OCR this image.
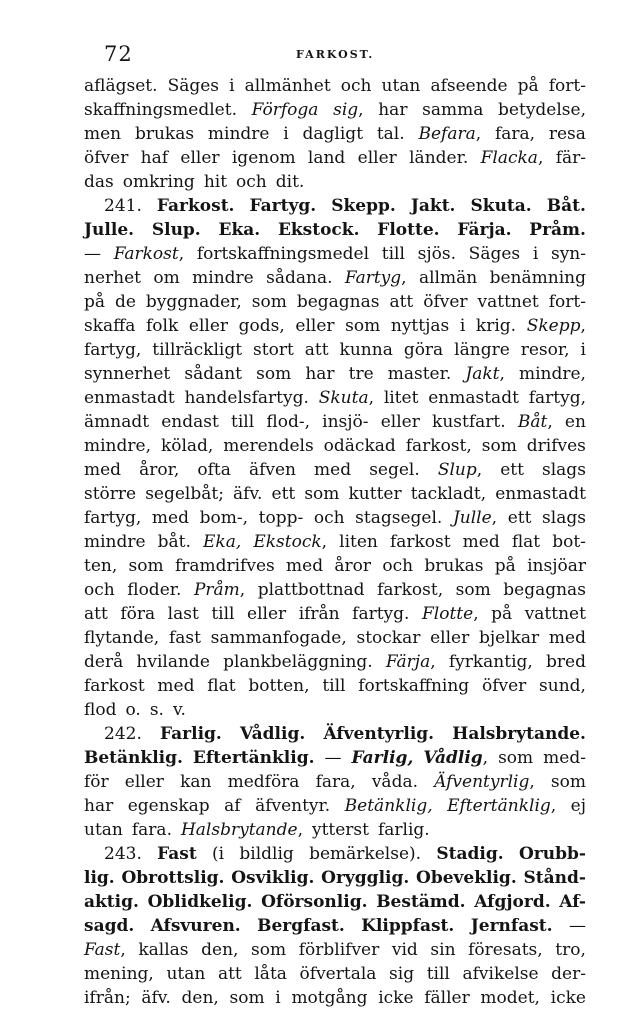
72	FARKOST.
aflägset. Säges i allmänhet och utan afseende på fort-
skaffningsmedlet. Förfoga sig, har samma betydelse,
men brukas mindre i dagligt tal. Befara, fara, resa
öfver haf eller igenom land eller länder. Flacka, fär-
das omkring hit och dit.
241. Farkost. Fartyg. Skepp. Jakt. Skuta. Båt.
Julle. Slup. Eka. Ekstock. Flotte. Färja. Pråm.
— Farkost, fortskaffningsmedel till sjös. Säges i syn-
nerhet om mindre sådana. Fartyg, allmän benämning
på de byggnader, som begagnas att öfver vattnet fort-
skaffa folk eller gods, eller som nyttjas i krig. Skepp,
fartyg, tillräckligt stort att kunna göra längre resor, i
synnerhet sådant som har tre master. Jakt, mindre,
enmastadt handelsfartyg. Skuta, litet enmastadt fartyg,
ämnadt endast till flod-, insjö- eller kustfart. Båt, en
mindre, kölad, merendels odäckad farkost, som drifves
med åror, ofta äfven med segel. Slup, ett slags
större segelbåt; äfv. ett som kutter tackladt, enmastadt
fartyg, med bom-, topp- och stagsegel. Julle, ett slags
mindre båt. Eka, Ekstock, liten farkost med flat bot-
ten, som framdrifves med åror och brukas på insjöar
och floder. Pråm, plattbottnad farkost, som begagnas
att föra last till eller ifrån fartyg. Flotte, på vattnet
flytande, fast sammanfogade, stockar eller bjelkar med
derå hvilande plankbeläggning. Färja, fyrkantig, bred
farkost med flat botten, till fortskaffning öfver sund,
flod o. s. v.
242. Farlig. Vådlig. Äfventyrlig. Halsbrytande.
Betänklig. Eftertänklig. — Farlig, Vådlig, som med-
för eller kan medföra fara, våda. Äfventyrlig, som
har egenskap af äfventyr. Betänklig, Eftertänklig, ej
utan fara. Halsbrytande, ytterst farlig.
243. Fast (i bildlig bemärkelse). Stadig. Orubb-
lig. Obrottslig. Osviklig. Orygglig. Obeveklig. Stånd-
aktig. Oblidkelig. Oförsonlig. Bestämd. Afgjord. Af-
sagd. Afsvuren. Bergfast. Klippfast. Jernfast. —
Fast, kallas den, som förblifver vid sin föresats, tro,
mening, utan att låta öfvertala sig till afvikelse der-
ifrån; äfv. den, som i motgång icke fäller modet, icke
